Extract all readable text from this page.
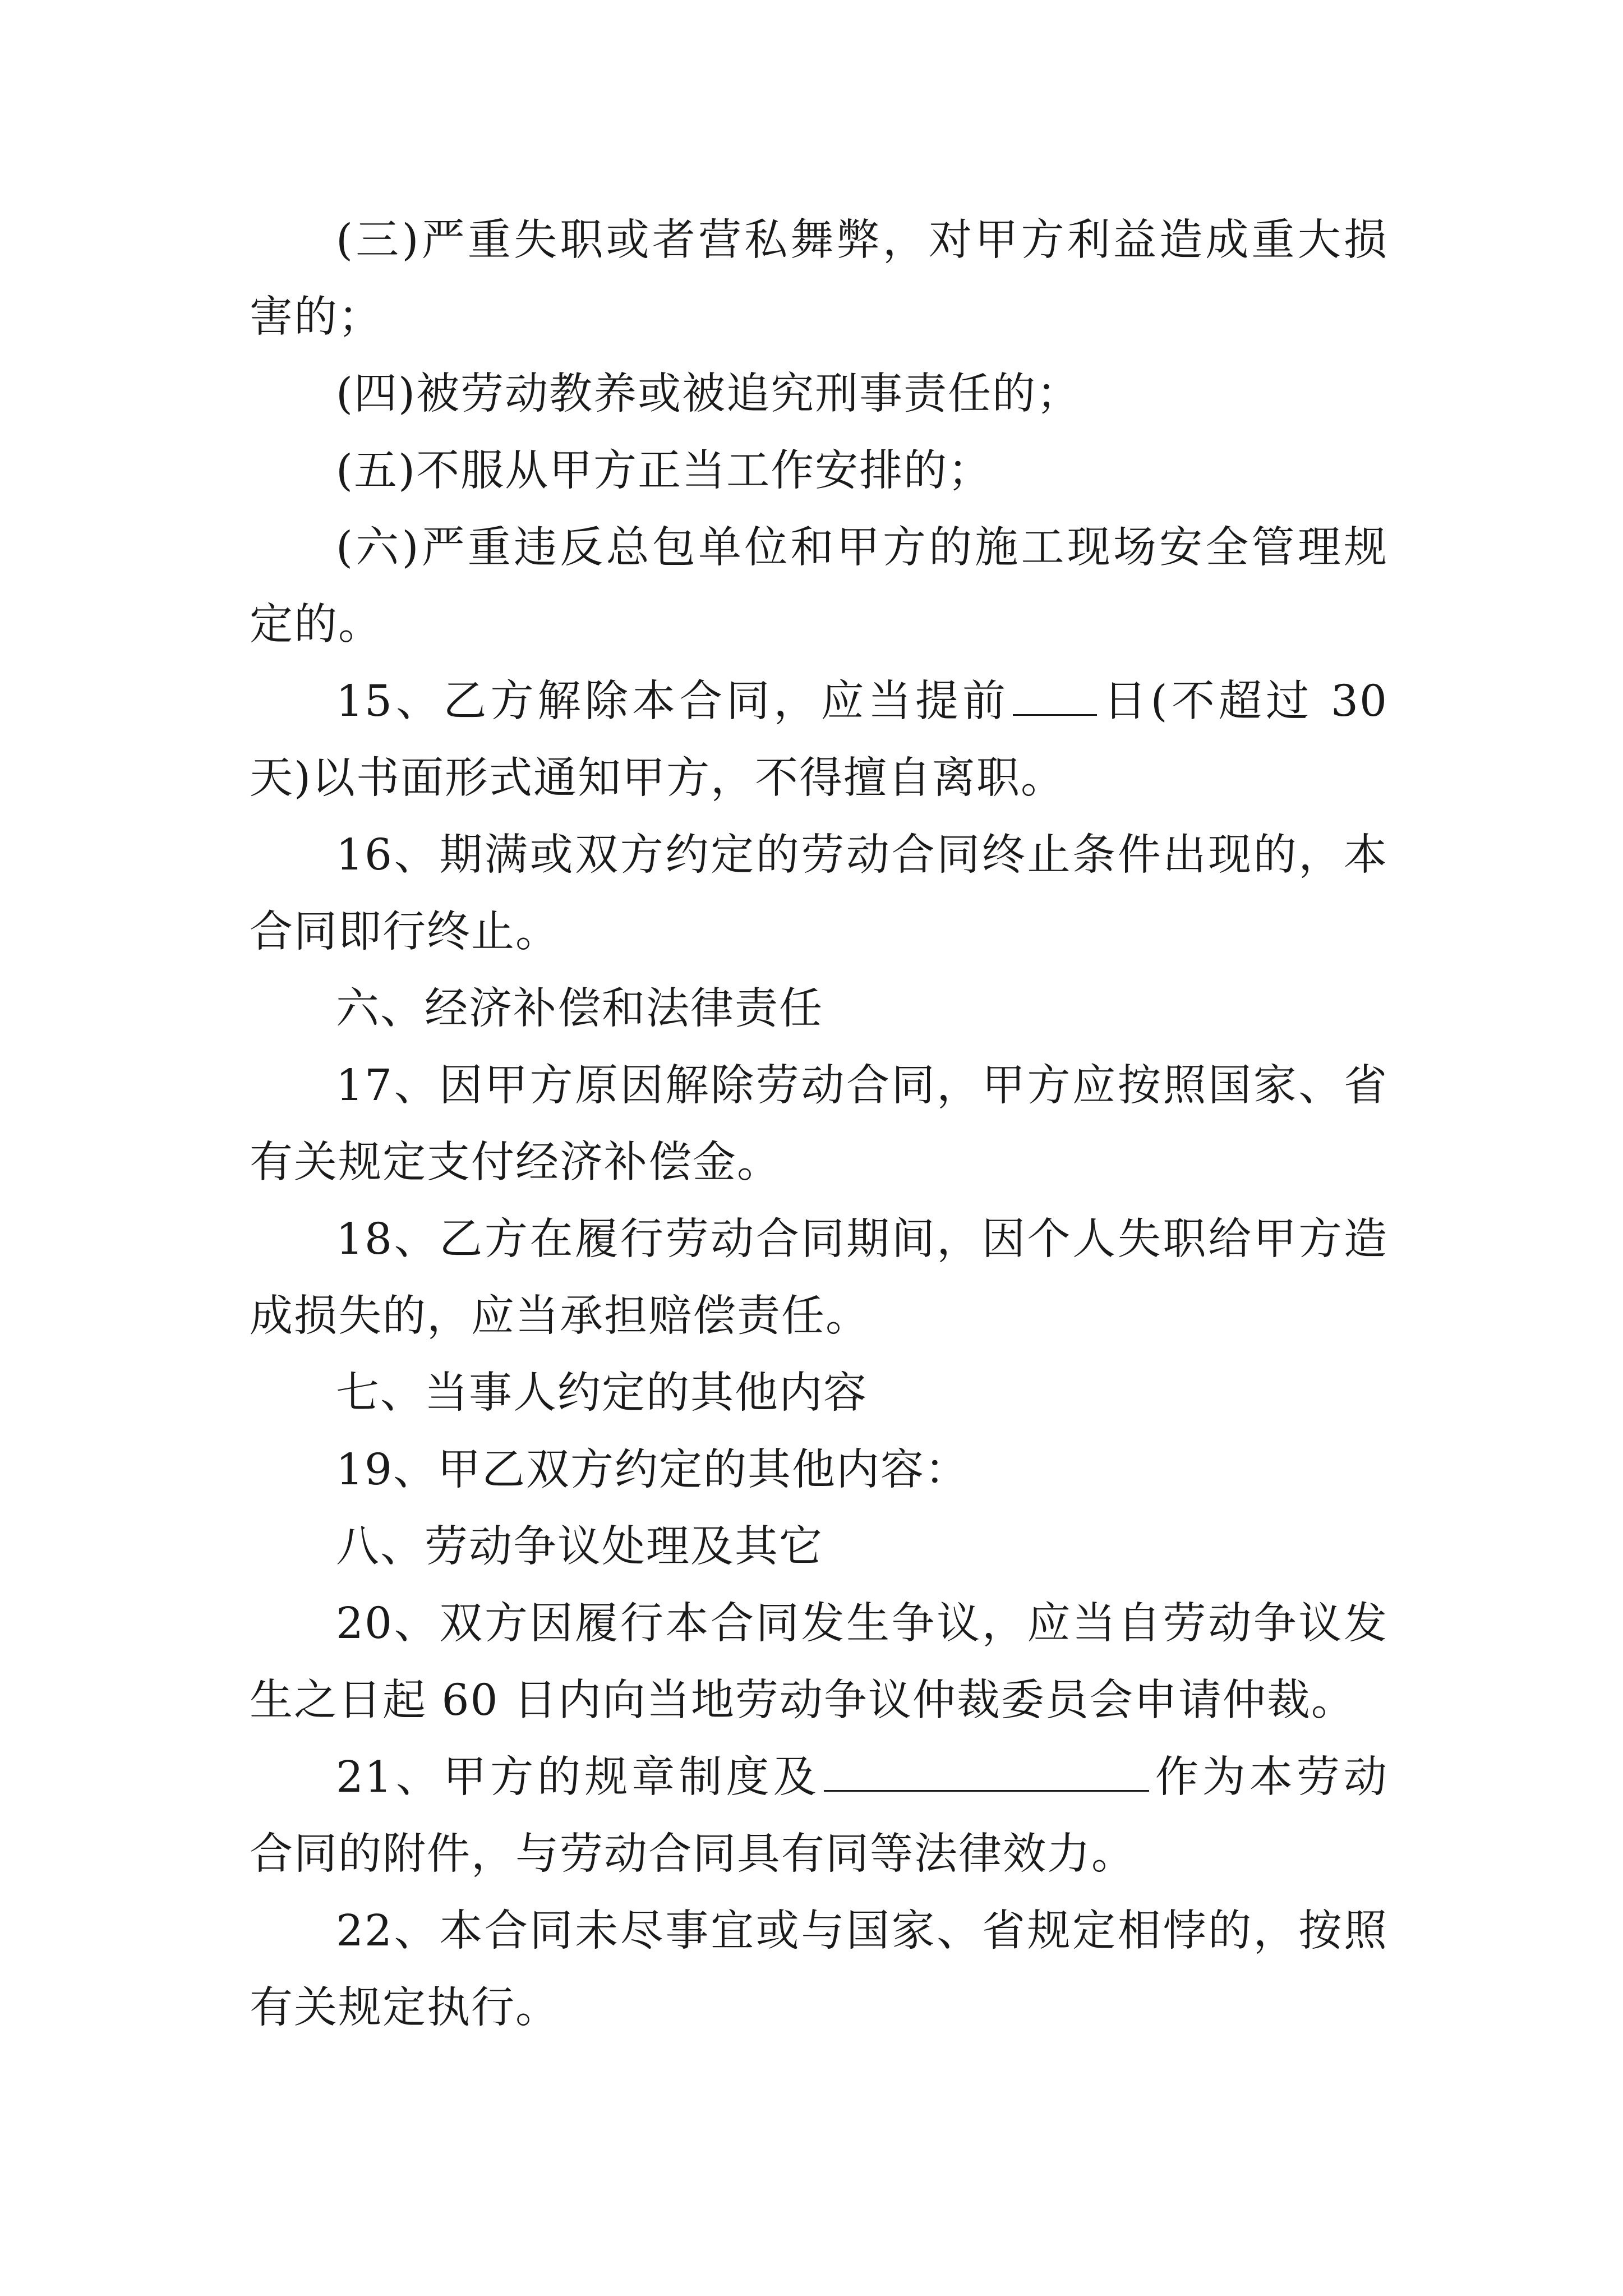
(三)严重失职或者营私舞弊，对甲方利益造成重大损害的；

(四)被劳动教养或被追究刑事责任的；

(五)不服从甲方正当工作安排的；

(六)严重违反总包单位和甲方的施工现场安全管理规定的。

15、乙方解除本合同，应当提前 日(不超过 30 天)以书面形式通知甲方，不得擅自离职。

16、期满或双方约定的劳动合同终止条件出现的，本合同即行终止。

六、经济补偿和法律责任

17、因甲方原因解除劳动合同，甲方应按照国家、省有关规定支付经济补偿金。

18、乙方在履行劳动合同期间，因个人失职给甲方造成损失的，应当承担赔偿责任。

七、当事人约定的其他内容

19、甲乙双方约定的其他内容：

八、劳动争议处理及其它

20、双方因履行本合同发生争议，应当自劳动争议发生之日起 60 日内向当地劳动争议仲裁委员会申请仲裁。

21、甲方的规章制度及	作为本劳动合同的附件，与劳动合同具有同等法律效力。

22、本合同未尽事宜或与国家、省规定相悖的，按照有关规定执行。
